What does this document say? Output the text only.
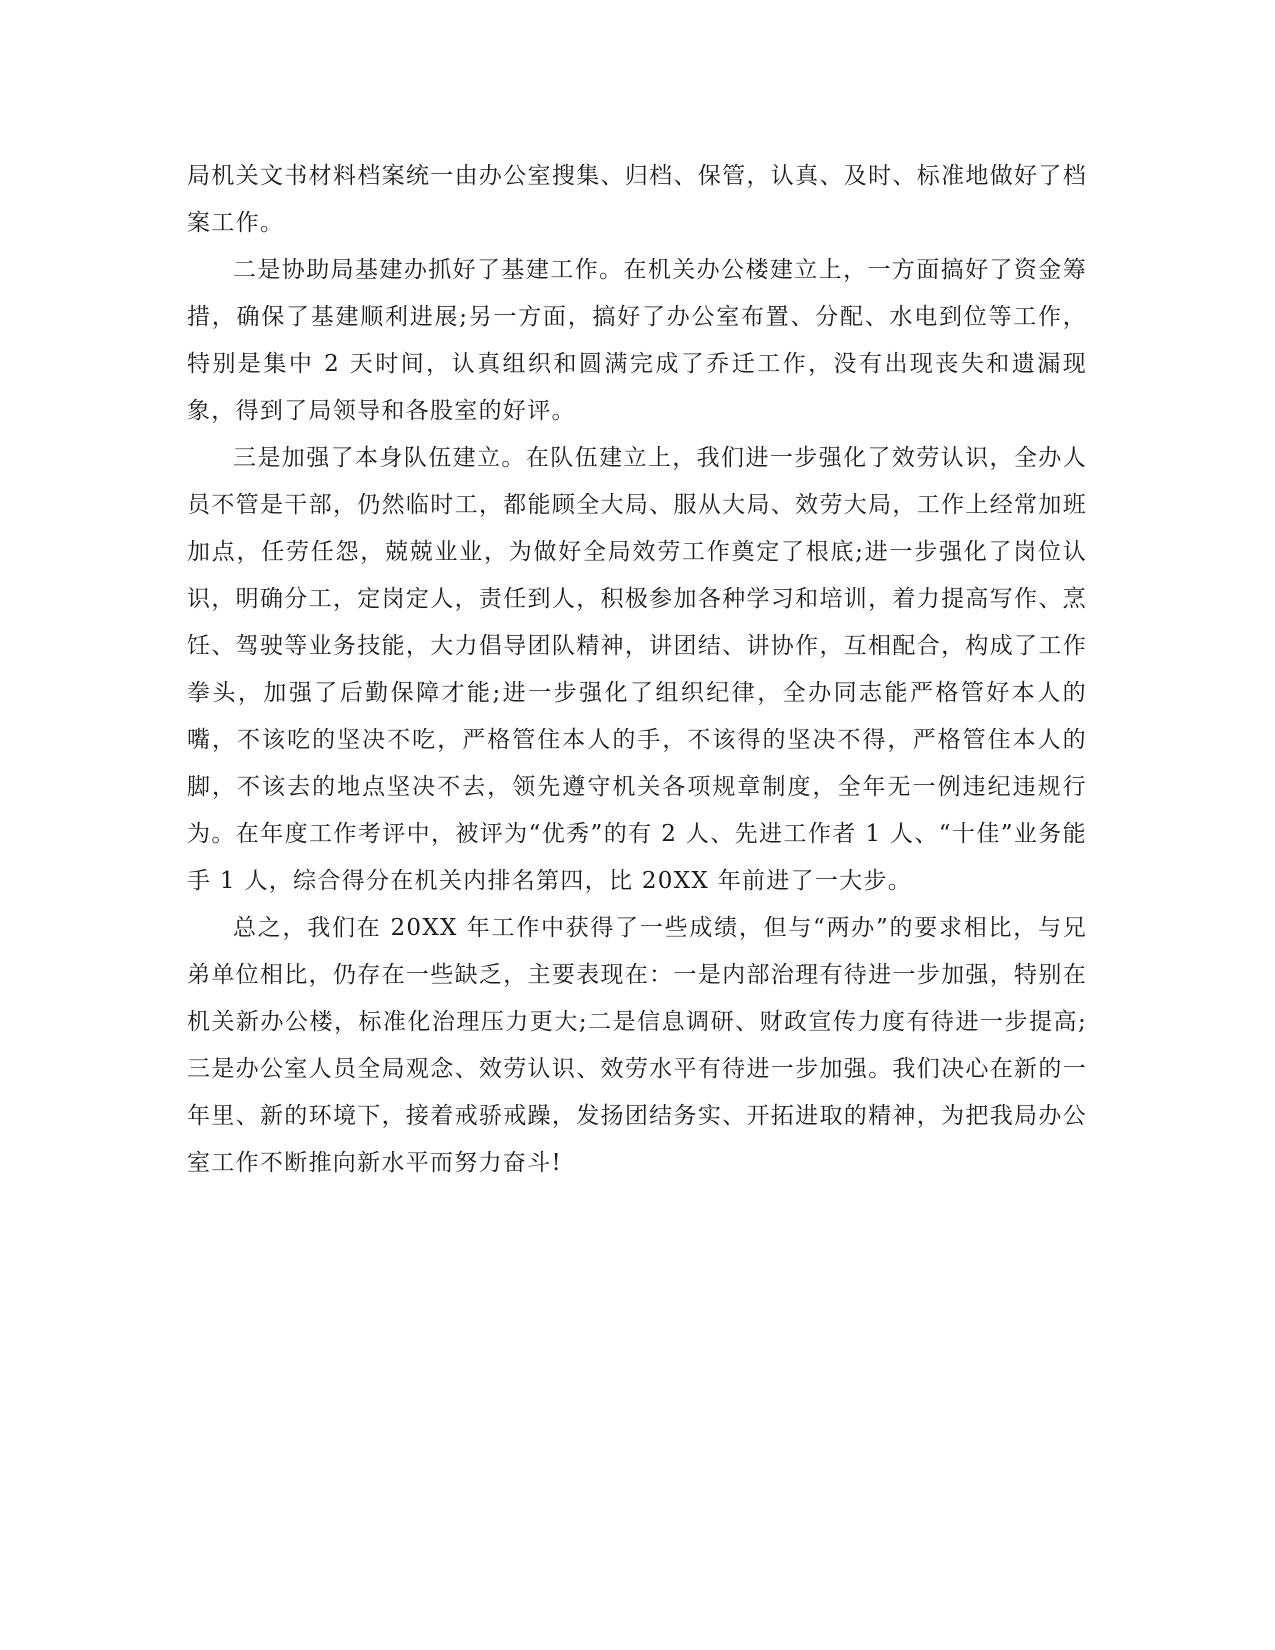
局机关文书材料档案统一由办公室搜集、归档、保管，认真、及时、标准地做好了档案工作。

二是协助局基建办抓好了基建工作。在机关办公楼建立上，一方面搞好了资金筹措，确保了基建顺利进展;另一方面，搞好了办公室布置、分配、水电到位等工作，特别是集中 2 天时间，认真组织和圆满完成了乔迁工作，没有出现丧失和遗漏现象，得到了局领导和各股室的好评。

三是加强了本身队伍建立。在队伍建立上，我们进一步强化了效劳认识，全办人员不管是干部，仍然临时工，都能顾全大局、服从大局、效劳大局，工作上经常加班加点，任劳任怨，兢兢业业，为做好全局效劳工作奠定了根底;进一步强化了岗位认识，明确分工，定岗定人，责任到人，积极参加各种学习和培训，着力提高写作、烹饪、驾驶等业务技能，大力倡导团队精神，讲团结、讲协作，互相配合，构成了工作拳头，加强了后勤保障才能;进一步强化了组织纪律，全办同志能严格管好本人的嘴，不该吃的坚决不吃，严格管住本人的手，不该得的坚决不得，严格管住本人的脚，不该去的地点坚决不去，领先遵守机关各项规章制度，全年无一例违纪违规行为。在年度工作考评中，被评为“优秀”的有 2 人、先进工作者 1 人、“十佳”业务能手 1 人，综合得分在机关内排名第四，比 20XX 年前进了一大步。

总之，我们在 20XX 年工作中获得了一些成绩，但与“两办”的要求相比，与兄弟单位相比，仍存在一些缺乏，主要表现在：一是内部治理有待进一步加强，特别在机关新办公楼，标准化治理压力更大;二是信息调研、财政宣传力度有待进一步提高;三是办公室人员全局观念、效劳认识、效劳水平有待进一步加强。我们决心在新的一年里、新的环境下，接着戒骄戒躁，发扬团结务实、开拓进取的精神，为把我局办公室工作不断推向新水平而努力奋斗!
